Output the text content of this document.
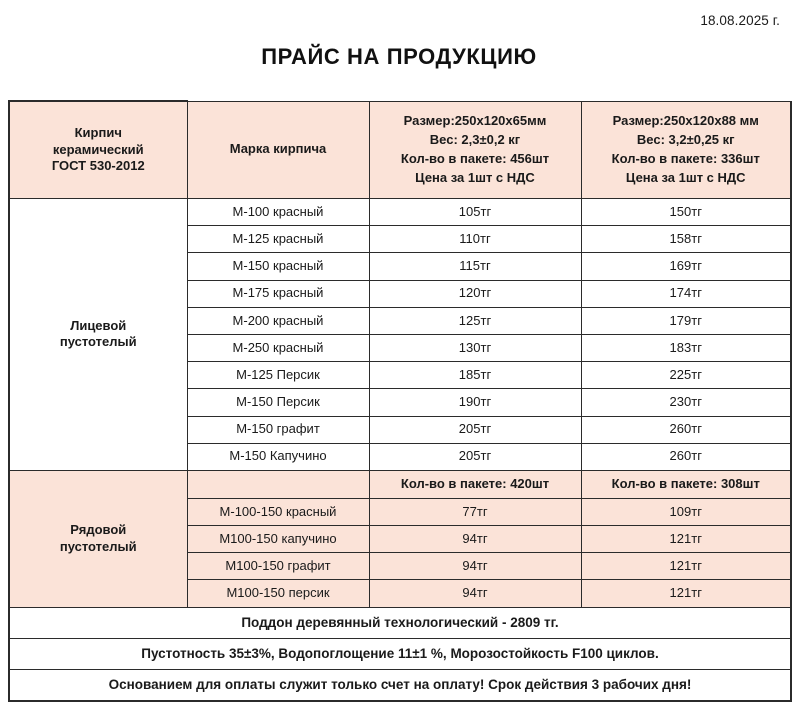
18.08.2025 г.
ПРАЙС НА ПРОДУКЦИЮ
Кирпич
керамический
ГОСТ 530-2012	Марка кирпича	Размер:250х120х65мм
Вес: 2,3±0,2 кг
Кол-во в пакете: 456шт
Цена за 1шт с НДС	Размер:250х120х88 мм
Вес: 3,2±0,25 кг
Кол-во в пакете: 336шт
Цена за 1шт с НДС

Лицевой
пустотелый	М-100 красный	105тг	150тг
	М-125 красный	110тг	158тг
	М-150 красный	115тг	169тг
	М-175 красный	120тг	174тг
	М-200 красный	125тг	179тг
	М-250 красный	130тг	183тг
	М-125 Персик	185тг	225тг
	М-150 Персик	190тг	230тг
	М-150 графит	205тг	260тг
	М-150 Капучино	205тг	260тг

Рядовой
пустотелый		Кол-во в пакете: 420шт	Кол-во в пакете: 308шт
	М-100-150 красный	77тг	109тг
	М100-150 капучино	94тг	121тг
	М100-150 графит	94тг	121тг
	М100-150 персик	94тг	121тг
Поддон деревянный технологический - 2809 тг.			
Пустотность 35±3%, Водопоглощение 11±1 %, Морозостойкость F100 циклов.			
Основанием для оплаты служит только счет на оплату! Срок действия 3 рабочих дня!			
